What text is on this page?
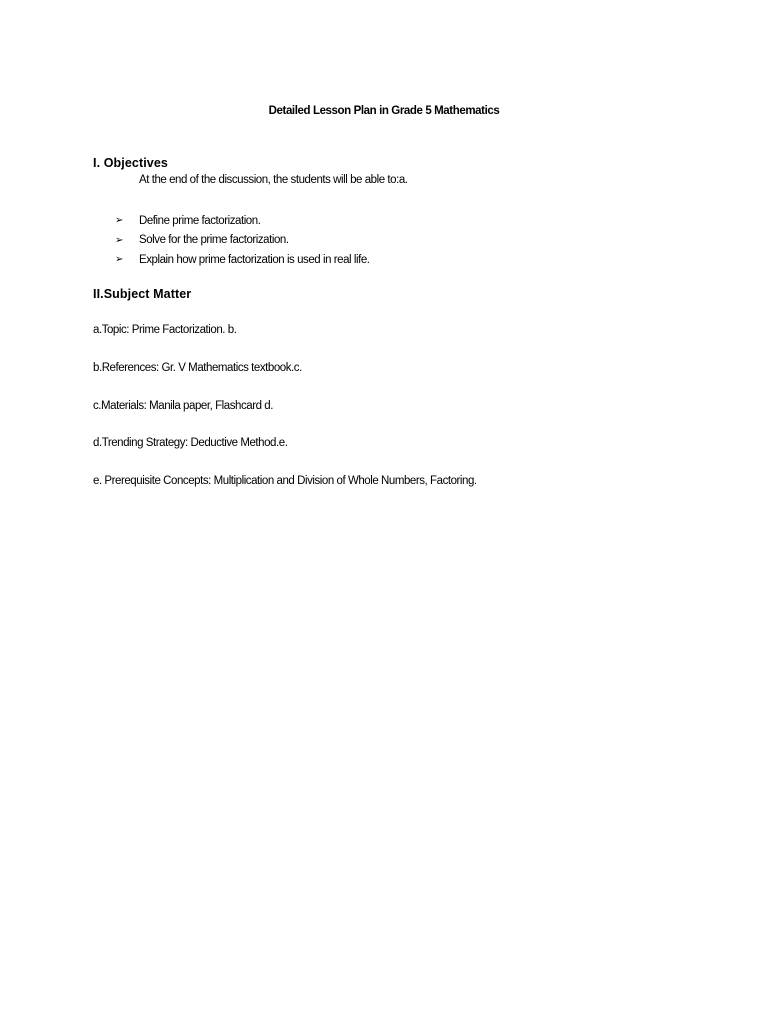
Detailed Lesson Plan in Grade 5 Mathematics
I. Objectives
At the end of the discussion, the students will be able to:a.
➢	Define prime factorization.
➢	Solve for the prime factorization.
➢	Explain how prime factorization is used in real life.
II.Subject Matter
a.Topic: Prime Factorization. b.
b.References: Gr. V Mathematics textbook.c.
c.Materials: Manila paper, Flashcard d.
d.Trending Strategy: Deductive Method.e.
e. Prerequisite Concepts: Multiplication and Division of Whole Numbers, Factoring.
